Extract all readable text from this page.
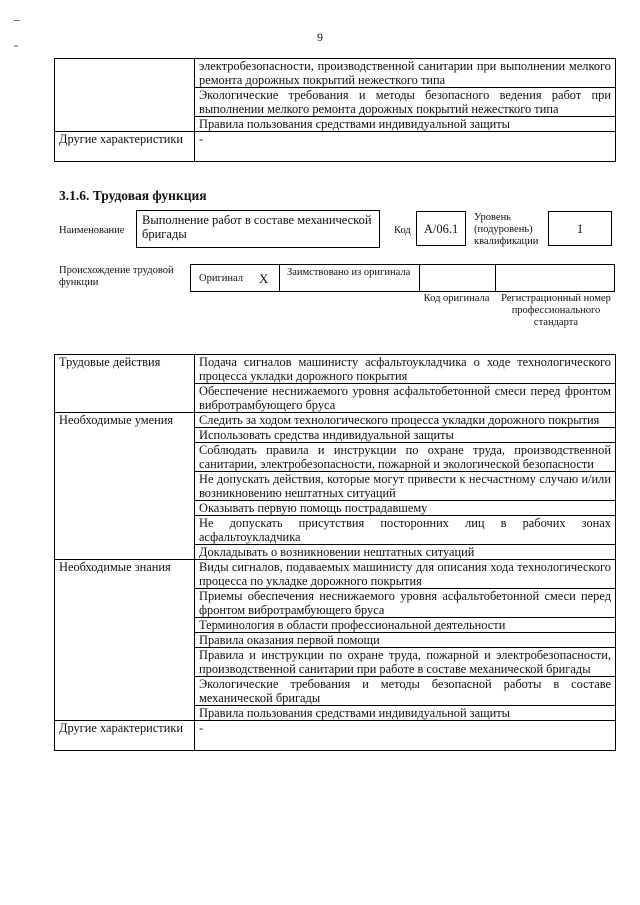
9
–
-
	электробезопасности, производственной санитарии при выполнении мелкого ремонта дорожных покрытий нежесткого типа
	Экологические требования и методы безопасного ведения работ при выполнении мелкого ремонта дорожных покрытий нежесткого типа
	Правила пользования средствами индивидуальной защиты
Другие характеристики	-
3.1.6. Трудовая функция
Наименование
Выполнение работ в составе механической бригады	Код	A/06.1
Уровень (подуровень) квалификации
1
Происхождение трудовой функции	Оригинал X Заимствовано из оригинала
Код оригинала	Регистрационный номер профессионального стандарта
Трудовые действия	Подача сигналов машинисту асфальтоукладчика о ходе технологического процесса укладки дорожного покрытия
	Обеспечение неснижаемого уровня асфальтобетонной смеси перед фронтом вибротрамбующего бруса
Необходимые умения	Следить за ходом технологического процесса укладки дорожного покрытия
	Использовать средства индивидуальной защиты
	Соблюдать правила и инструкции по охране труда, производственной санитарии, электробезопасности, пожарной и экологической безопасности
	Не допускать действия, которые могут привести к несчастному случаю и/или возникновению нештатных ситуаций
	Оказывать первую помощь пострадавшему
	Не допускать присутствия посторонних лиц в рабочих зонах асфальтоукладчика
	Докладывать о возникновении нештатных ситуаций
Необходимые знания	Виды сигналов, подаваемых машинисту для описания хода технологического процесса по укладке дорожного покрытия
	Приемы обеспечения неснижаемого уровня асфальтобетонной смеси перед фронтом вибротрамбующего бруса
	Терминология в области профессиональной деятельности
	Правила оказания первой помощи
	Правила и инструкции по охране труда, пожарной и электробезопасности, производственной санитарии при работе в составе механической бригады
	Экологические требования и методы безопасной работы в составе механической бригады
	Правила пользования средствами индивидуальной защиты
Другие характеристики	-
